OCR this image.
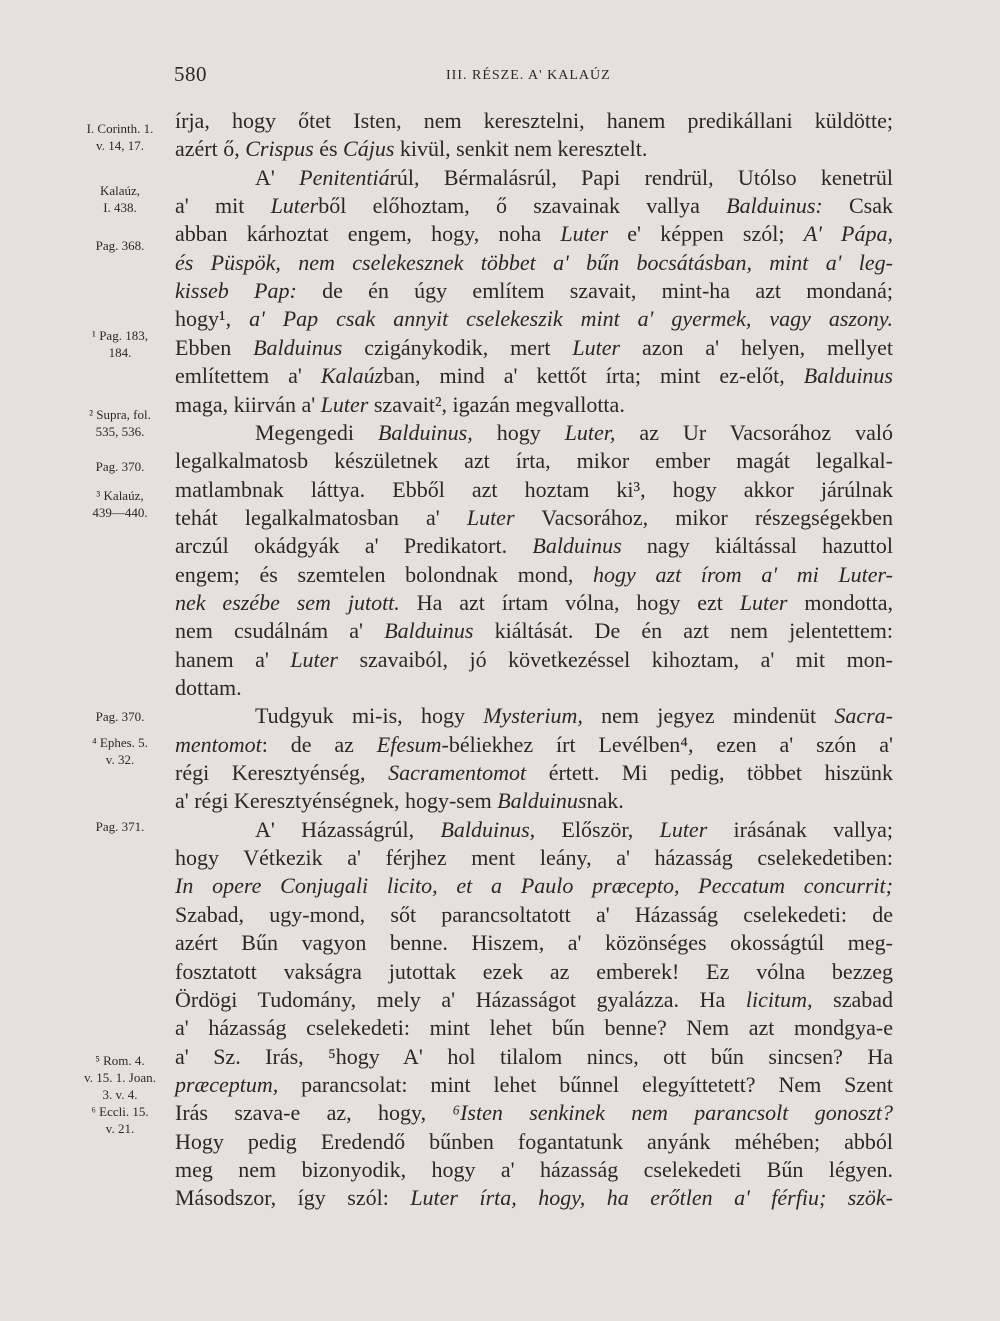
580	III. RÉSZE. A' KALAÚZ

I. Corinth. 1.
v. 14, 17.

Kalaúz,
I. 438.

Pag. 368.

¹ Pag. 183,
184.

² Supra, fol.
535, 536.

Pag. 370.

³ Kalaúz,
439—440.

Pag. 370.

⁴ Ephes. 5.
v. 32.

Pag. 371.

⁵ Rom. 4.
v. 15. 1. Joan.
3. v. 4.
⁶ Eccli. 15.
v. 21.

írja, hogy őtet Isten, nem keresztelni, hanem predikállani küldötte;

azért ő, Crispus és Cájus kivül, senkit nem keresztelt.

A' Penitentiárúl, Bérmalásrúl, Papi rendrül, Utólso kenetrül

a' mit Luterből előhoztam, ő szavainak vallya Balduinus: Csak

abban kárhoztat engem, hogy, noha Luter e' képpen szól; A' Pápa,

és Püspök, nem cselekesznek többet a' bűn bocsátásban, mint a' leg-

kisseb Pap: de én úgy említem szavait, mint-ha azt mondaná;

hogy¹, a' Pap csak annyit cselekeszik mint a' gyermek, vagy aszony.

Ebben Balduinus czigánykodik, mert Luter azon a' helyen, mellyet

említettem a' Kalaúzban, mind a' kettőt írta; mint ez-előt, Balduinus

maga, kiirván a' Luter szavait², igazán megvallotta.

Megengedi Balduinus, hogy Luter, az Ur Vacsorához való

legalkalmatosb készületnek azt írta, mikor ember magát legalkal-

matlambnak láttya. Ebből azt hoztam ki³, hogy akkor járúlnak

tehát legalkalmatosban a' Luter Vacsorához, mikor részegségekben

arczúl okádgyák a' Predikatort. Balduinus nagy kiáltással hazuttol

engem; és szemtelen bolondnak mond, hogy azt írom a' mi Luter-

nek eszébe sem jutott. Ha azt írtam vólna, hogy ezt Luter mondotta,

nem csudálnám a' Balduinus kiáltását. De én azt nem jelentettem:

hanem a' Luter szavaiból, jó következéssel kihoztam, a' mit mon-

dottam.

Tudgyuk mi-is, hogy Mysterium, nem jegyez mindenüt Sacra-

mentomot: de az Efesum-béliekhez írt Levélben⁴, ezen a' szón a'

régi Keresztyénség, Sacramentomot értett. Mi pedig, többet hiszünk

a' régi Keresztyénségnek, hogy-sem Balduinusnak.

A' Házasságrúl, Balduinus, Először, Luter irásának vallya;

hogy Vétkezik a' férjhez ment leány, a' házasság cselekedetiben:

In opere Conjugali licito, et a Paulo præcepto, Peccatum concurrit;

Szabad, ugy-mond, sőt parancsoltatott a' Házasság cselekedeti: de

azért Bűn vagyon benne. Hiszem, a' közönséges okosságtúl meg-

fosztatott vakságra jutottak ezek az emberek! Ez vólna bezzeg

Ördögi Tudomány, mely a' Házasságot gyalázza. Ha licitum, szabad

a' házasság cselekedeti: mint lehet bűn benne? Nem azt mondgya-e

a' Sz. Irás, ⁵hogy A' hol tilalom nincs, ott bűn sincsen? Ha

præceptum, parancsolat: mint lehet bűnnel elegyíttetett? Nem Szent

Irás szava-e az, hogy, ⁶Isten senkinek nem parancsolt gonoszt?

Hogy pedig Eredendő bűnben fogantatunk anyánk méhében; abból

meg nem bizonyodik, hogy a' házasság cselekedeti Bűn légyen.

Másodszor, így szól: Luter írta, hogy, ha erőtlen a' férfiu; szök-
